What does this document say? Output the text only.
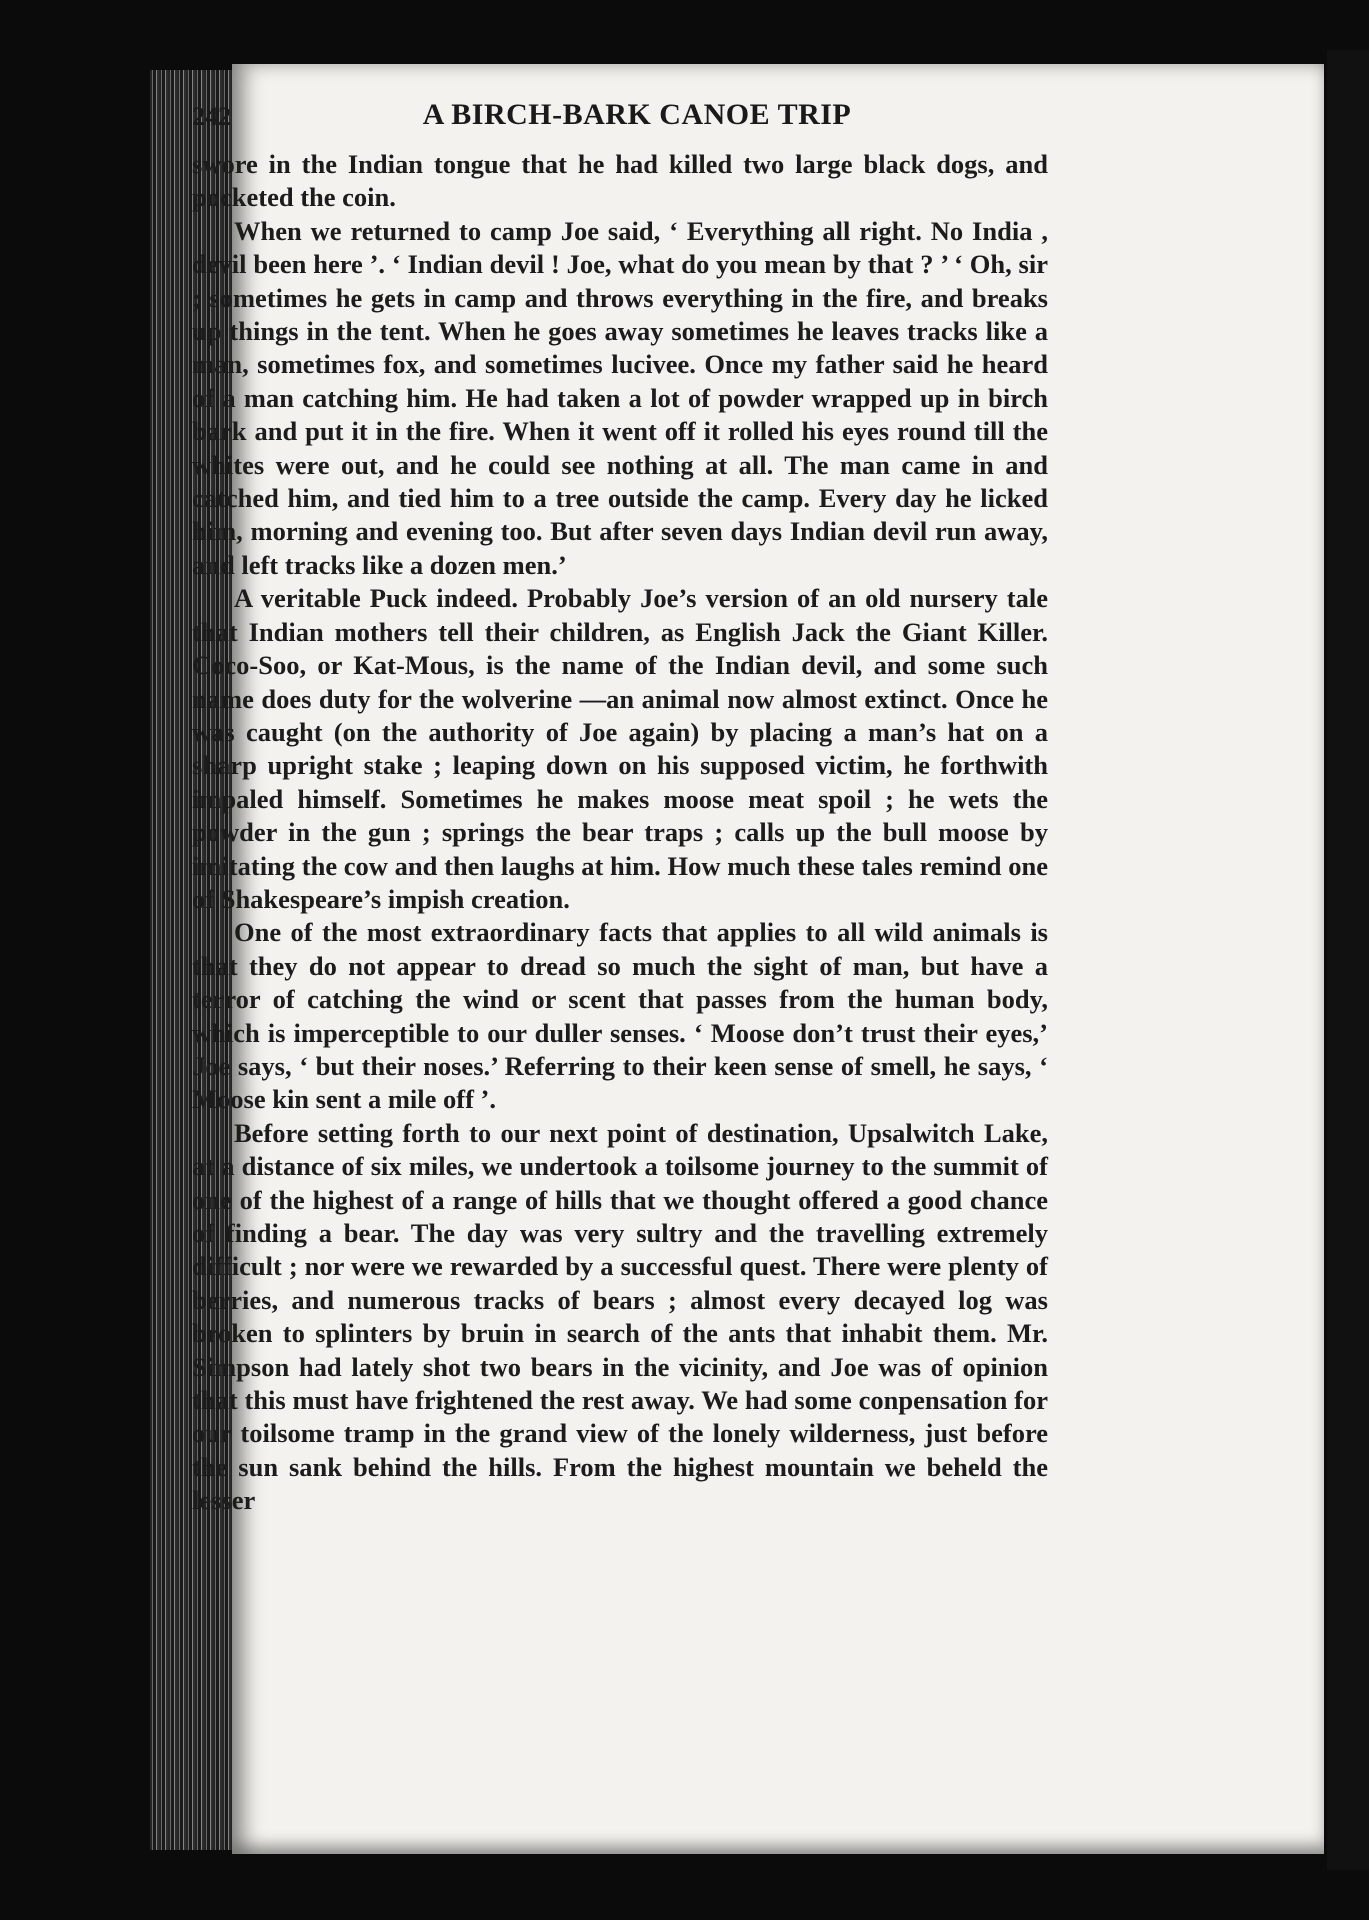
242	A BIRCH-BARK CANOE TRIP

swore in the Indian tongue that he had killed two large black dogs, and pocketed the coin.

When we returned to camp Joe said, ‘ Everything all right. No India , devil been here ’. ‘ Indian devil ! Joe, what do you mean by that ? ’ ‘ Oh, sir ; sometimes he gets in camp and throws everything in the fire, and breaks up things in the tent. When he goes away sometimes he leaves tracks like a man, sometimes fox, and sometimes lucivee. Once my father said he heard of a man catching him. He had taken a lot of powder wrapped up in birch bark and put it in the fire. When it went off it rolled his eyes round till the whites were out, and he could see nothing at all. The man came in and catched him, and tied him to a tree outside the camp. Every day he licked him, morning and evening too. But after seven days Indian devil run away, and left tracks like a dozen men.’

A veritable Puck indeed. Probably Joe’s version of an old nursery tale that Indian mothers tell their children, as English Jack the Giant Killer. Coco-Soo, or Kat-Mous, is the name of the Indian devil, and some such name does duty for the wolverine —an animal now almost extinct. Once he was caught (on the authority of Joe again) by placing a man’s hat on a sharp upright stake ; leaping down on his supposed victim, he forthwith impaled himself. Sometimes he makes moose meat spoil ; he wets the powder in the gun ; springs the bear traps ; calls up the bull moose by imitating the cow and then laughs at him. How much these tales remind one of Shakespeare’s impish creation.

One of the most extraordinary facts that applies to all wild animals is that they do not appear to dread so much the sight of man, but have a terror of catching the wind or scent that passes from the human body, which is imperceptible to our duller senses. ‘ Moose don’t trust their eyes,’ Joe says, ‘ but their noses.’ Referring to their keen sense of smell, he says, ‘ Moose kin sent a mile off ’.

Before setting forth to our next point of destination, Upsalwitch Lake, at a distance of six miles, we undertook a toilsome journey to the summit of one of the highest of a range of hills that we thought offered a good chance of finding a bear. The day was very sultry and the travelling extremely difficult ; nor were we rewarded by a successful quest. There were plenty of berries, and numerous tracks of bears ; almost every decayed log was broken to splinters by bruin in search of the ants that inhabit them. Mr. Simpson had lately shot two bears in the vicinity, and Joe was of opinion that this must have frightened the rest away. We had some conpensation for our toilsome tramp in the grand view of the lonely wilderness, just before the sun sank behind the hills. From the highest mountain we beheld the lesser
